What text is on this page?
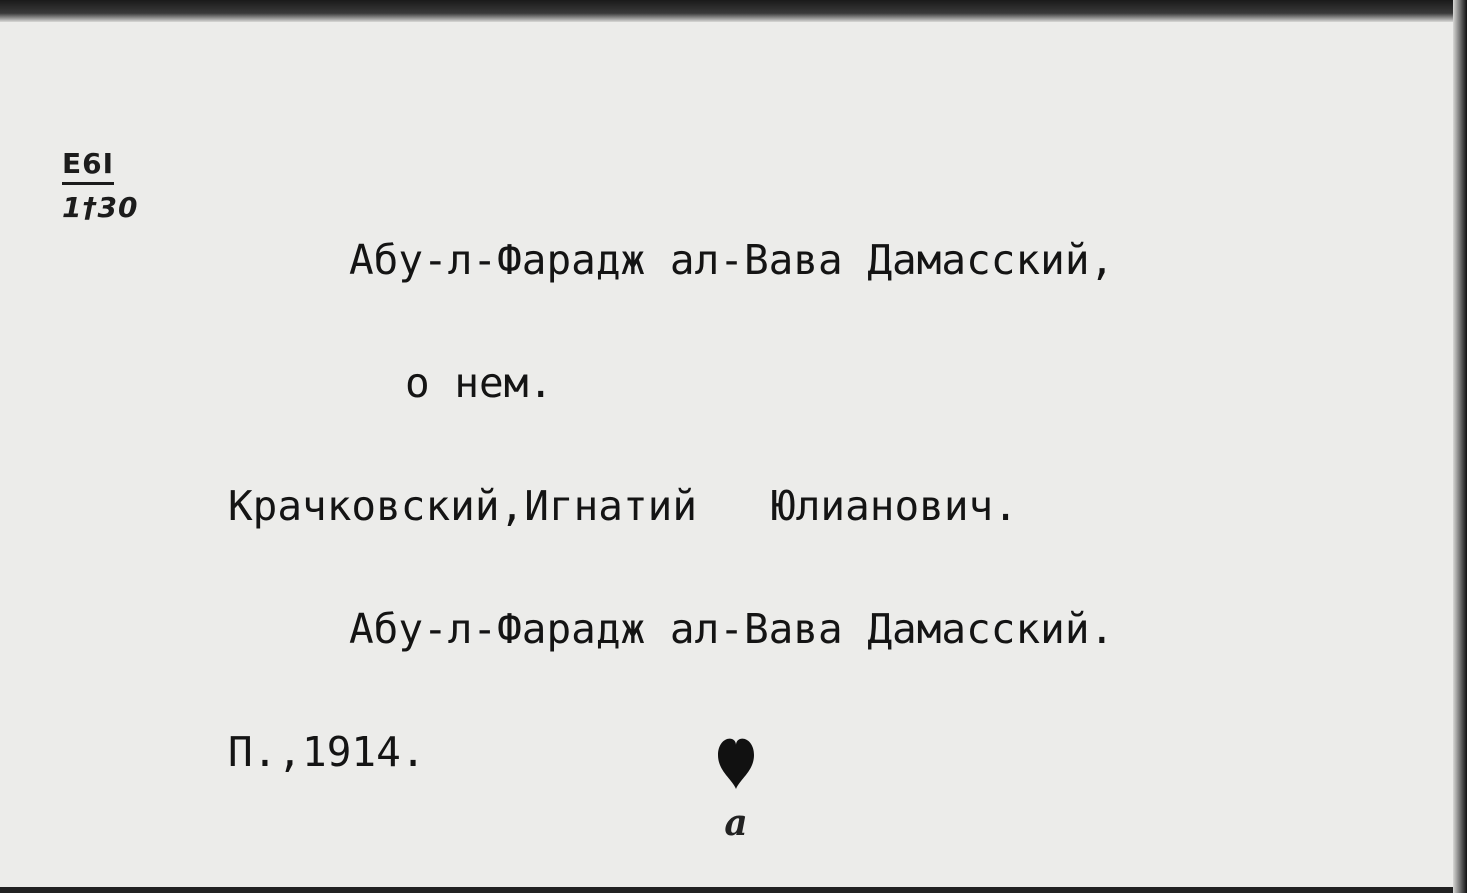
E6I
1†30

Абу-л-Фарадж ал-Вава Дамасский,

о нем.

Крачковский,Игнатий   Юлианович.

Абу-л-Фарадж ал-Вава Дамасский.

П.,1914.

a
